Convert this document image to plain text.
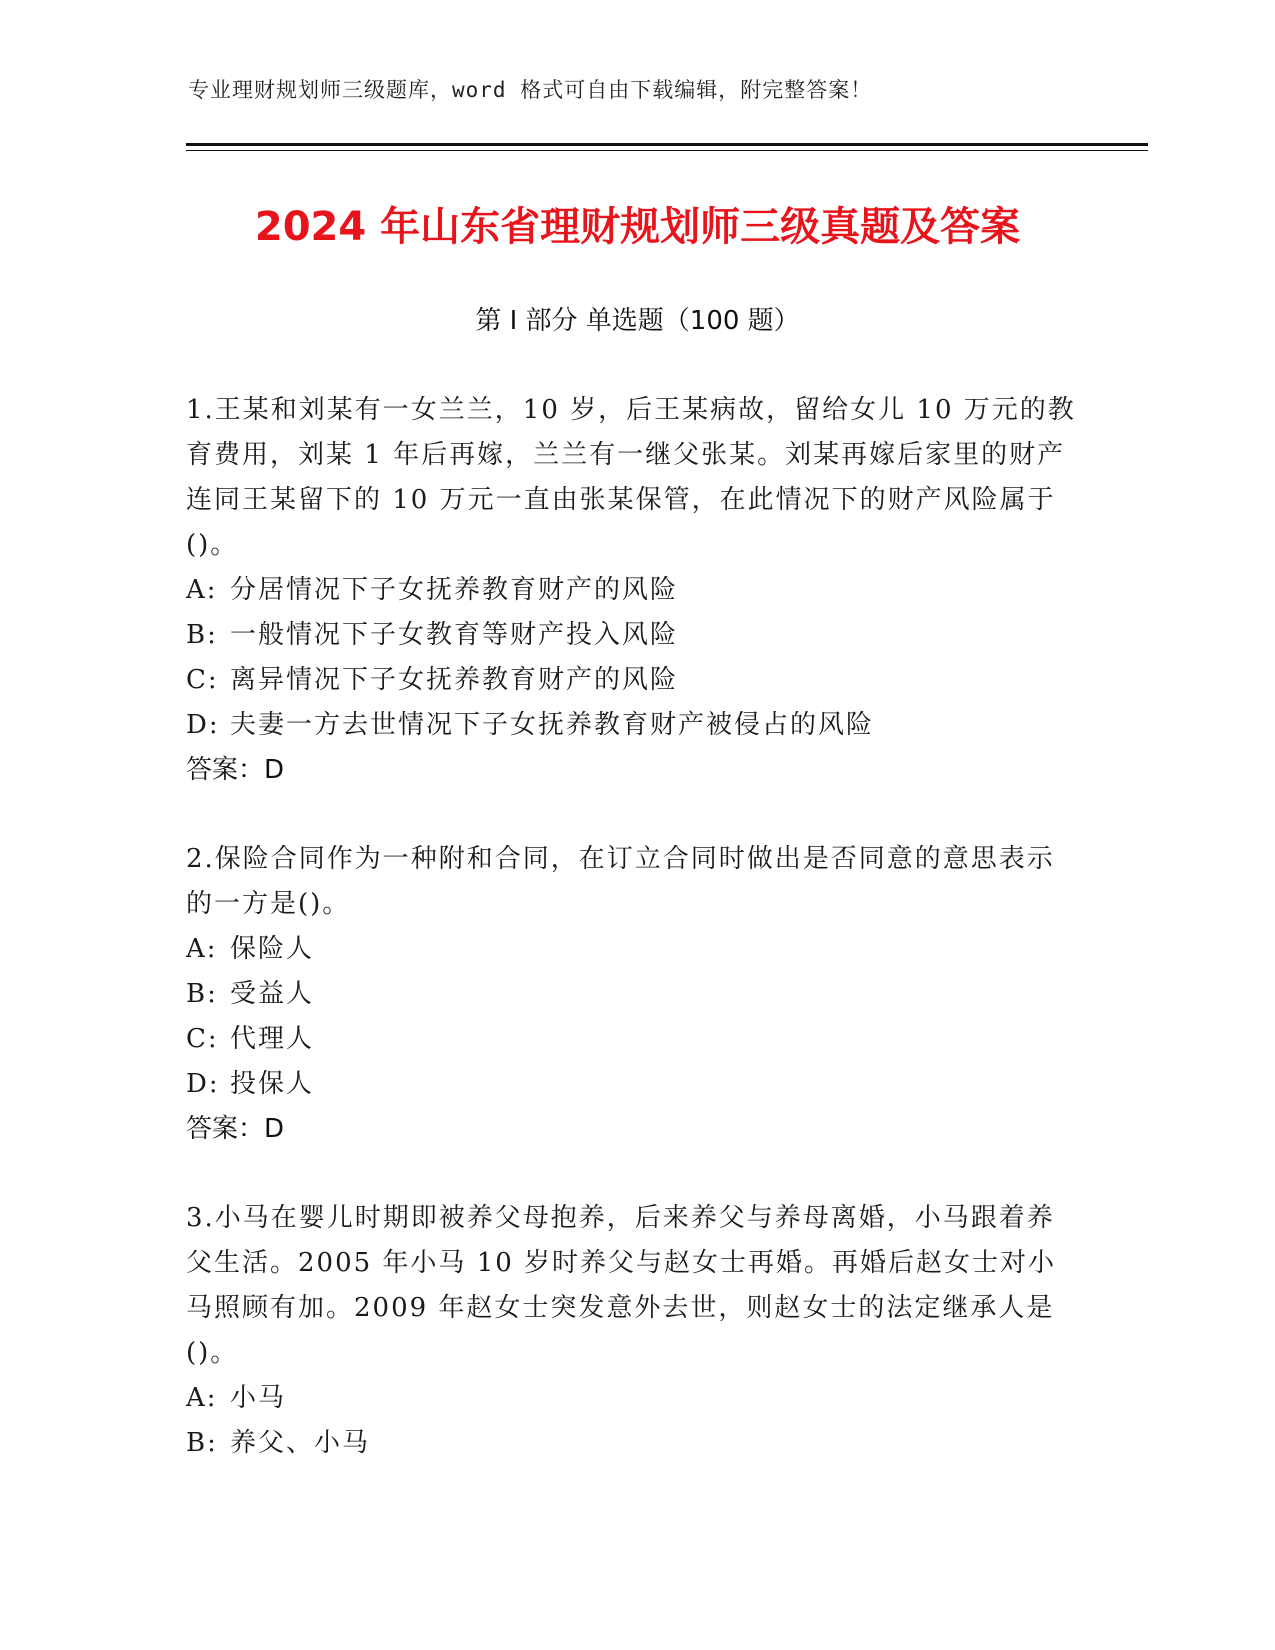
专业理财规划师三级题库，word 格式可自由下载编辑，附完整答案！
2024 年山东省理财规划师三级真题及答案
第 I 部分 单选题（100 题）
1.王某和刘某有一女兰兰，10 岁，后王某病故，留给女儿 10 万元的教育费用，刘某 1 年后再嫁，兰兰有一继父张某。刘某再嫁后家里的财产连同王某留下的 10 万元一直由张某保管，在此情况下的财产风险属于()。
A: 分居情况下子女抚养教育财产的风险
B: 一般情况下子女教育等财产投入风险
C: 离异情况下子女抚养教育财产的风险
D: 夫妻一方去世情况下子女抚养教育财产被侵占的风险
答案：D
2.保险合同作为一种附和合同，在订立合同时做出是否同意的意思表示的一方是()。
A: 保险人
B: 受益人
C: 代理人
D: 投保人
答案：D
3.小马在婴儿时期即被养父母抱养，后来养父与养母离婚，小马跟着养父生活。2005 年小马 10 岁时养父与赵女士再婚。再婚后赵女士对小马照顾有加。2009 年赵女士突发意外去世，则赵女士的法定继承人是()。
A: 小马
B: 养父、小马
